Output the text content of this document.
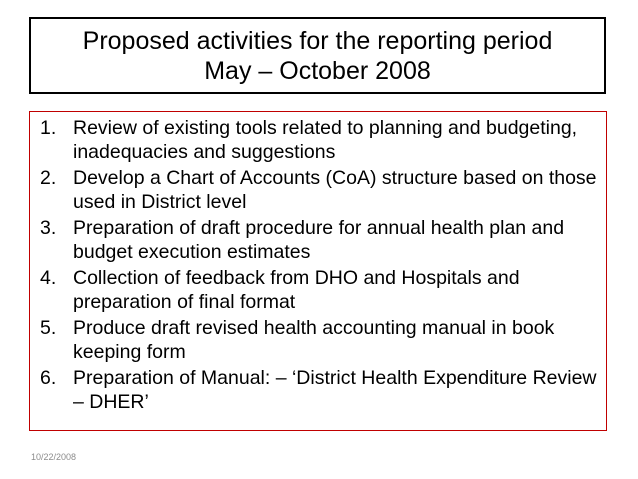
Proposed activities for the reporting period
May – October 2008
1. Review of existing tools related to planning and budgeting, inadequacies and suggestions
2. Develop a Chart of Accounts (CoA) structure based on those used in District level
3. Preparation of draft procedure for annual health plan and budget execution estimates
4. Collection of feedback from DHO and Hospitals and preparation of final format
5. Produce draft revised health accounting manual in book keeping form
6. Preparation of Manual: – ‘District Health Expenditure Review – DHER’
10/22/2008
